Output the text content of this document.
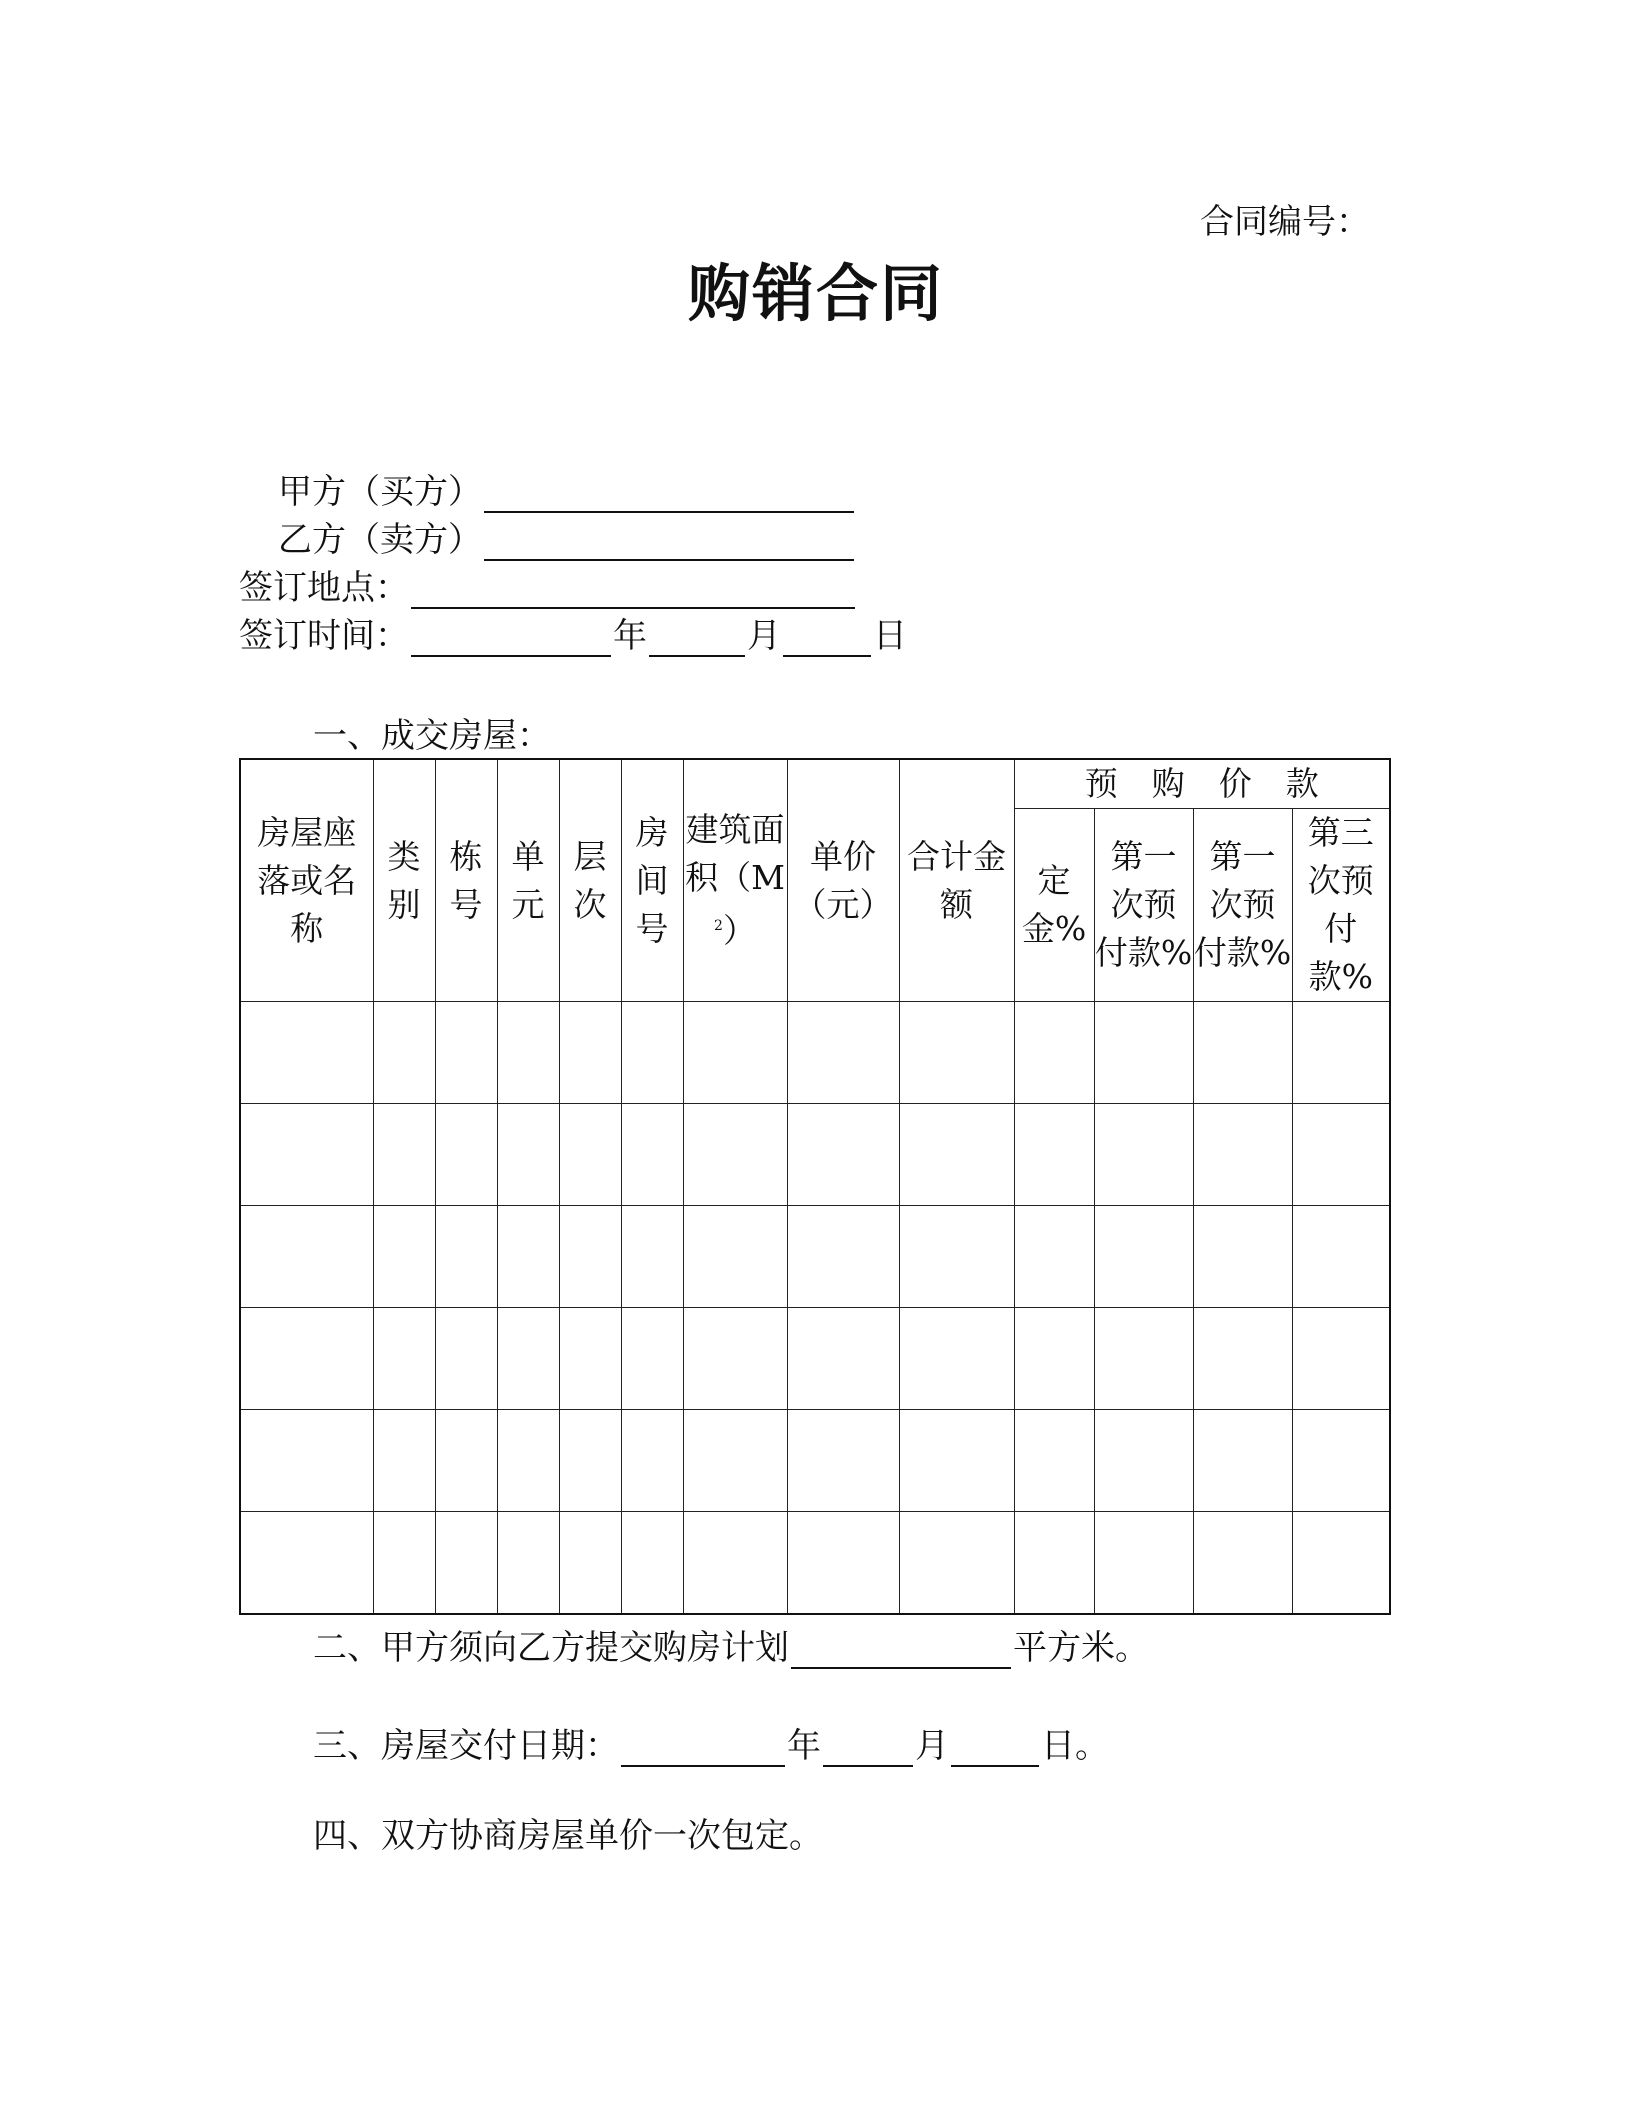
合同编号：
购销合同
甲方（买方）
乙方（卖方）
签订地点：
签订时间：	年	月	日
一、成交房屋：
房屋座落或名称	类别	栋号	单元	层次	房间号	建筑面积$(M^2)$	单价（元）	合计金额	预购价款			
									定金%	第一次预付款%	第一次预付款%	第三次预付款%

二、甲方须向乙方提交购房计划	平方米。
三、房屋交付日期：	年	月	日。
四、双方协商房屋单价一次包定。
